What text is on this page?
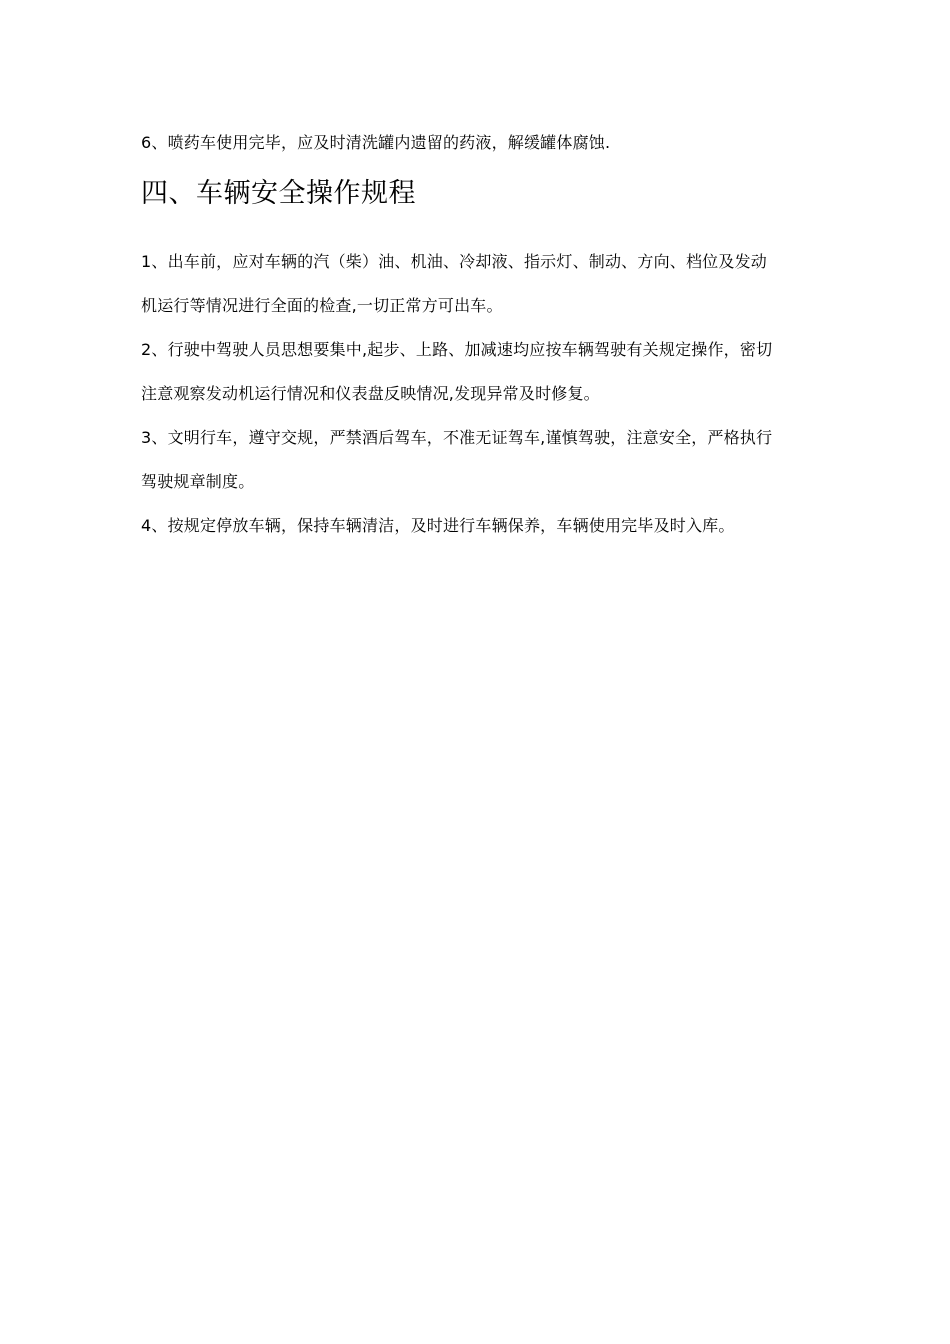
6、喷药车使用完毕，应及时清洗罐内遗留的药液，解缓罐体腐蚀.

四、车辆安全操作规程

1、出车前，应对车辆的汽（柴）油、机油、冷却液、指示灯、制动、方向、档位及发动机运行等情况进行全面的检查,一切正常方可出车。

2、行驶中驾驶人员思想要集中,起步、上路、加减速均应按车辆驾驶有关规定操作，密切注意观察发动机运行情况和仪表盘反映情况,发现异常及时修复。

3、文明行车，遵守交规，严禁酒后驾车，不准无证驾车,谨慎驾驶，注意安全，严格执行驾驶规章制度。

4、按规定停放车辆，保持车辆清洁，及时进行车辆保养，车辆使用完毕及时入库。
